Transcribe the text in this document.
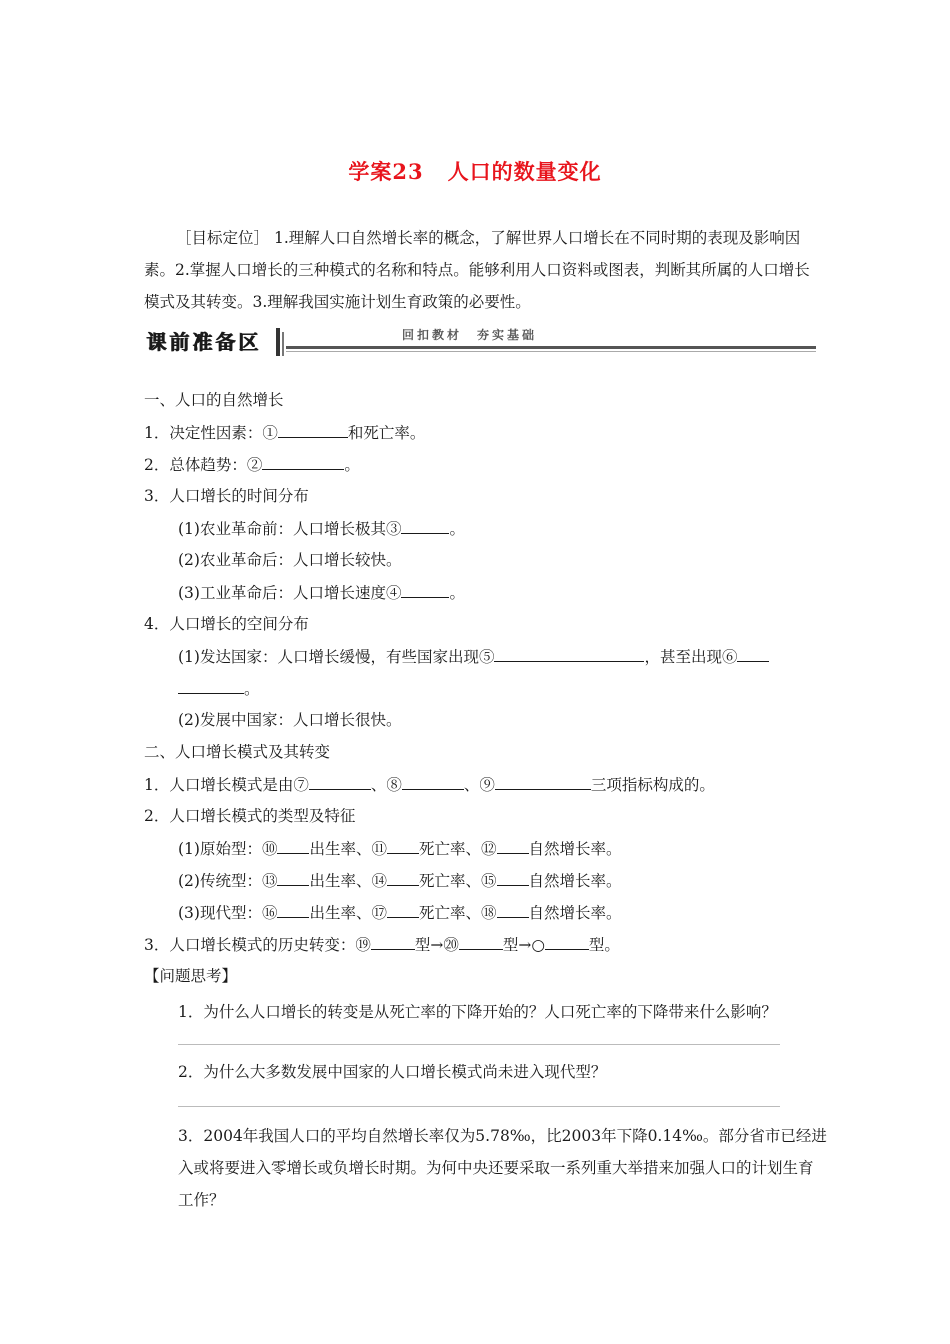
学案23 人口的数量变化
［目标定位］ 1.理解人口自然增长率的概念，了解世界人口增长在不同时期的表现及影响因素。2.掌握人口增长的三种模式的名称和特点。能够利用人口资料或图表，判断其所属的人口增长模式及其转变。3.理解我国实施计划生育政策的必要性。
课前准备区	回扣教材　夯实基础
一、人口的自然增长
1．决定性因素：①	和死亡率。
2．总体趋势：②	。
3．人口增长的时间分布
(1)农业革命前：人口增长极其③	。
(2)农业革命后：人口增长较快。
(3)工业革命后：人口增长速度④	。
4．人口增长的空间分布
(1)发达国家：人口增长缓慢，有些国家出现⑤	，甚至出现⑥
。
(2)发展中国家：人口增长很快。
二、人口增长模式及其转变
1．人口增长模式是由⑦	、⑧	、⑨	三项指标构成的。
2．人口增长模式的类型及特征
(1)原始型：⑩ 出生率、⑪ 死亡率、⑫ 自然增长率。
(2)传统型：⑬ 出生率、⑭ 死亡率、⑮ 自然增长率。
(3)现代型：⑯ 出生率、⑰ 死亡率、⑱ 自然增长率。
3．人口增长模式的历史转变：⑲	型→⑳	型→○	型。
【问题思考】
1．为什么人口增长的转变是从死亡率的下降开始的？人口死亡率的下降带来什么影响？
2．为什么大多数发展中国家的人口增长模式尚未进入现代型？
3．2004年我国人口的平均自然增长率仅为5.78‰，比2003年下降0.14‰。部分省市已经进入或将要进入零增长或负增长时期。为何中央还要采取一系列重大举措来加强人口的计划生育工作？
